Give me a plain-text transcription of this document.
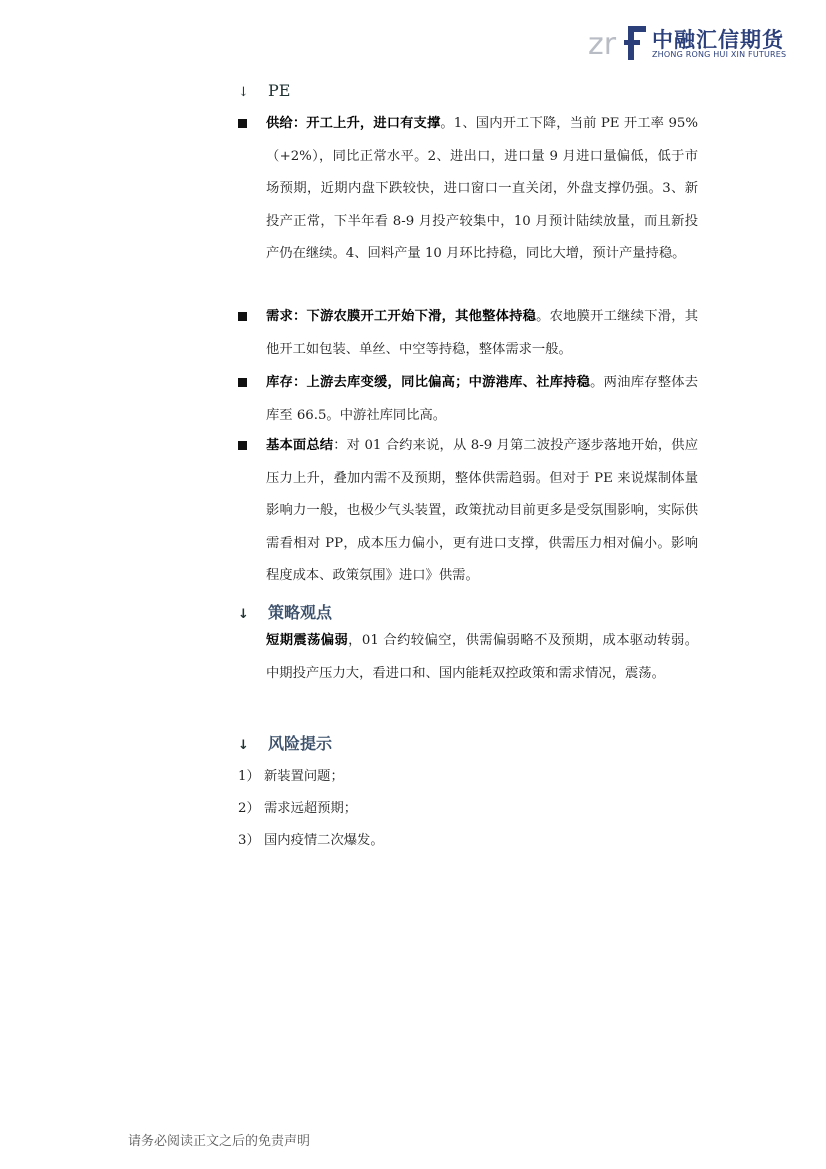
zr 中融汇信期货
ZHONG RONG HUI XIN FUTURES
↓ PE
供给：开工上升，进口有支撑。1、国内开工下降，当前 PE 开工率 95%（+2%），同比正常水平。2、进出口，进口量 9 月进口量偏低，低于市场预期，近期内盘下跌较快，进口窗口一直关闭，外盘支撑仍强。3、新投产正常，下半年看 8-9 月投产较集中，10 月预计陆续放量，而且新投产仍在继续。4、回料产量 10 月环比持稳，同比大增，预计产量持稳。
需求：下游农膜开工开始下滑，其他整体持稳。农地膜开工继续下滑，其他开工如包装、单丝、中空等持稳，整体需求一般。
库存：上游去库变缓，同比偏高；中游港库、社库持稳。两油库存整体去库至 66.5。中游社库同比高。
基本面总结：对 01 合约来说，从 8-9 月第二波投产逐步落地开始，供应压力上升，叠加内需不及预期，整体供需趋弱。但对于 PE 来说煤制体量影响力一般，也极少气头装置，政策扰动目前更多是受氛围影响，实际供需看相对 PP，成本压力偏小，更有进口支撑，供需压力相对偏小。影响程度成本、政策氛围》进口》供需。
↓ 策略观点
短期震荡偏弱，01 合约较偏空，供需偏弱略不及预期，成本驱动转弱。中期投产压力大，看进口和、国内能耗双控政策和需求情况，震荡。
↓ 风险提示
1） 新装置问题；
2） 需求远超预期；
3） 国内疫情二次爆发。
请务必阅读正文之后的免责声明
